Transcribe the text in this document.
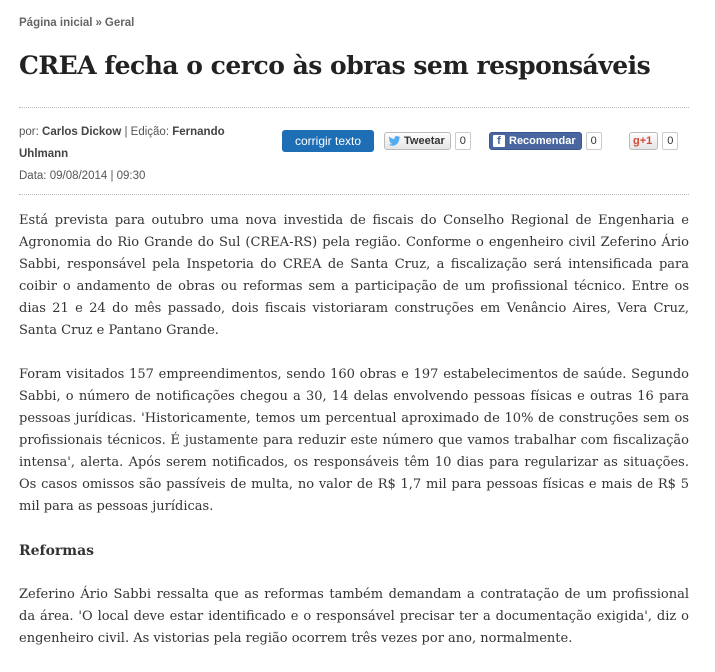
Página inicial » Geral
CREA fecha o cerco às obras sem responsáveis
por: Carlos Dickow | Edição: Fernando Uhlmann
Data: 09/08/2014 | 09:30
corrigir texto	Tweetar	0	f Recomendar	0	g +1	0

Está prevista para outubro uma nova investida de fiscais do Conselho Regional de Engenharia e Agronomia do Rio Grande do Sul (CREA-RS) pela região. Conforme o engenheiro civil Zeferino Ário Sabbi, responsável pela Inspetoria do CREA de Santa Cruz, a fiscalização será intensificada para coibir o andamento de obras ou reformas sem a participação de um profissional técnico. Entre os dias 21 e 24 do mês passado, dois fiscais vistoriaram construções em Venâncio Aires, Vera Cruz, Santa Cruz e Pantano Grande.

Foram visitados 157 empreendimentos, sendo 160 obras e 197 estabelecimentos de saúde. Segundo Sabbi, o número de notificações chegou a 30, 14 delas envolvendo pessoas físicas e outras 16 para pessoas jurídicas. 'Historicamente, temos um percentual aproximado de 10% de construções sem os profissionais técnicos. É justamente para reduzir este número que vamos trabalhar com fiscalização intensa', alerta. Após serem notificados, os responsáveis têm 10 dias para regularizar as situações. Os casos omissos são passíveis de multa, no valor de R$ 1,7 mil para pessoas físicas e mais de R$ 5 mil para as pessoas jurídicas.

Reformas

Zeferino Ário Sabbi ressalta que as reformas também demandam a contratação de um profissional da área. 'O local deve estar identificado e o responsável precisar ter a documentação exigida', diz o engenheiro civil. As vistorias pela região ocorrem três vezes por ano, normalmente.
